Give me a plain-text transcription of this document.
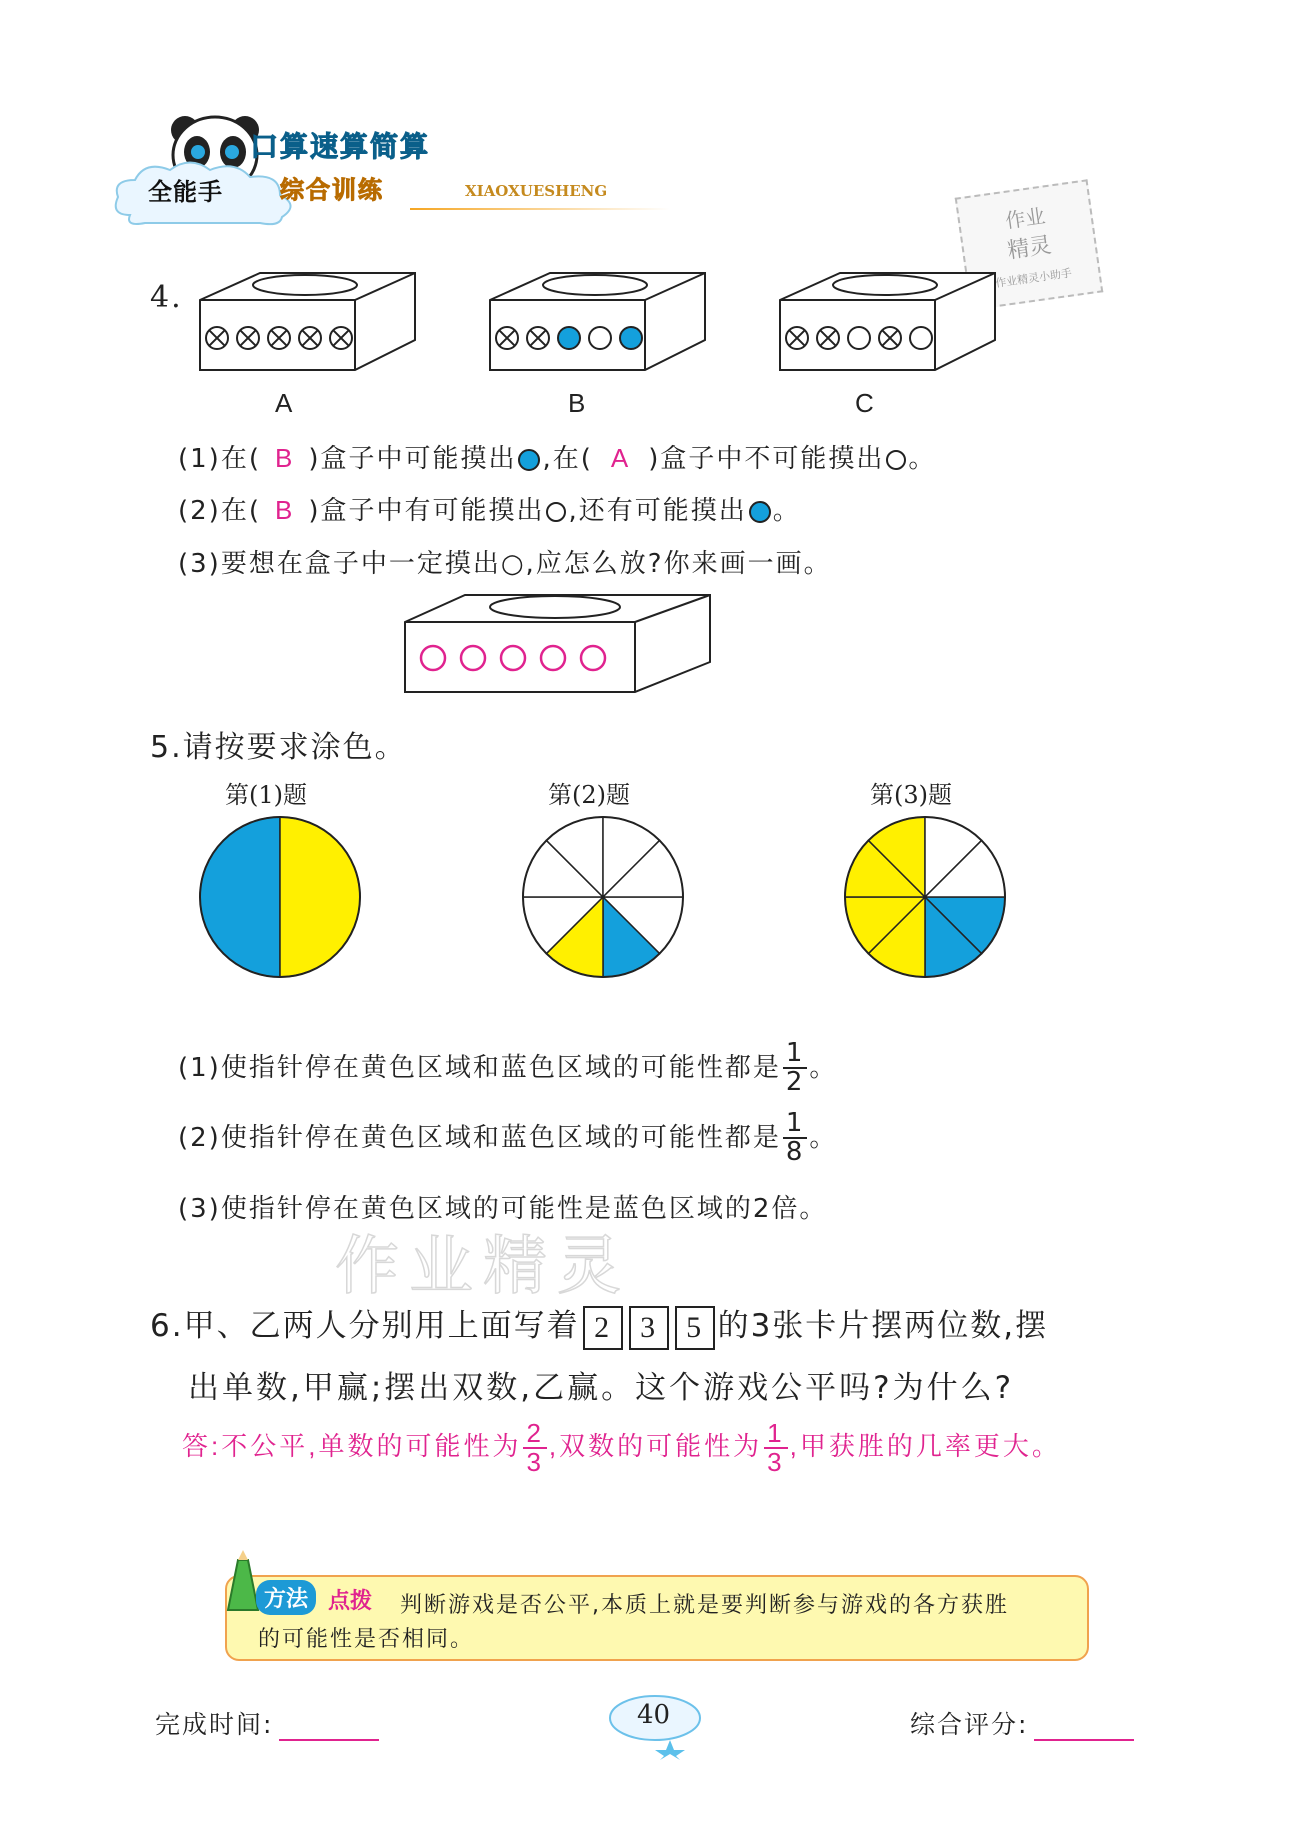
全能手
口算速算简算
综合训练	XIAOXUESHENG
作业
精灵
作业精灵小助手
4.
A	B	C
(1)在( B )盒子中可能摸出 ,在( A )盒子中不可能摸出 。
(2)在( B )盒子中有可能摸出 ,还有可能摸出 。
(3)要想在盒子中一定摸出○,应怎么放?你来画一画。
5.请按要求涂色。
第(1)题	第(2)题	第(3)题
(1)使指针停在黄色区域和蓝色区域的可能性都是 $\frac{1}{2}$ 。
(2)使指针停在黄色区域和蓝色区域的可能性都是 $\frac{1}{8}$ 。
(3)使指针停在黄色区域的可能性是蓝色区域的2倍。
作业精灵
6.甲、乙两人分别用上面写着 2 3 5 的3张卡片摆两位数,摆
出单数,甲赢;摆出双数,乙赢。这个游戏公平吗?为什么?
答:不公平,单数的可能性为 $\frac{2}{3}$ ,双数的可能性为 $\frac{1}{3}$ ,甲获胜的几率更大。
方法 点拨 判断游戏是否公平,本质上就是要判断参与游戏的各方获胜
的可能性是否相同。
完成时间:	40	综合评分:
